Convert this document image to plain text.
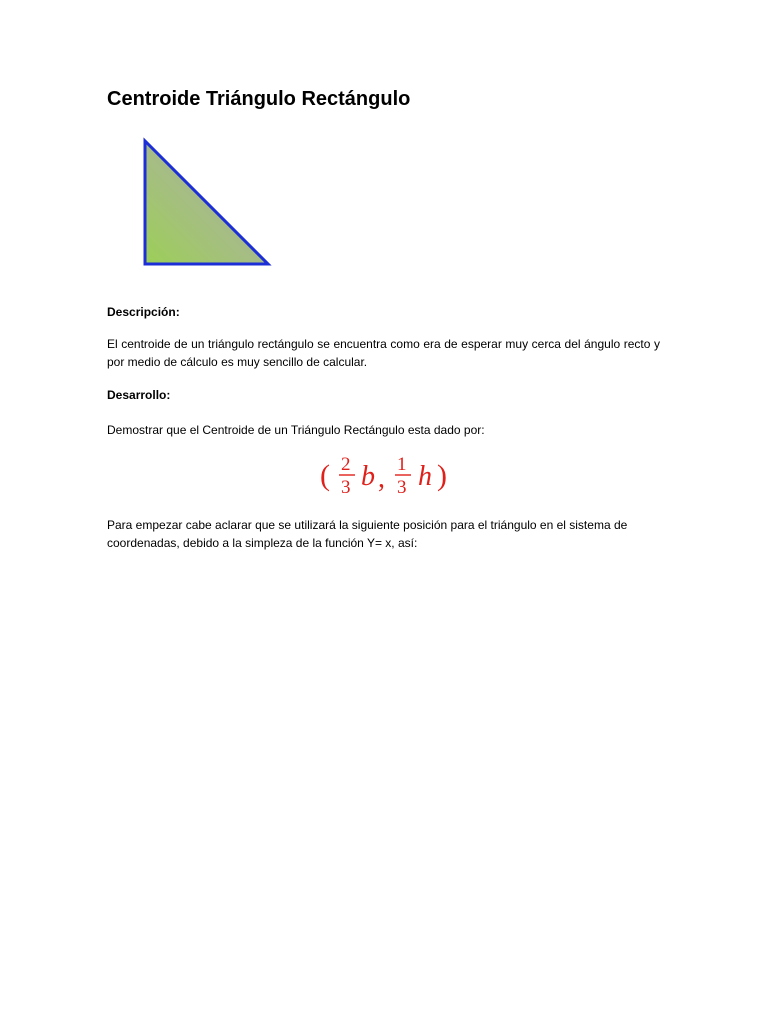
Centroide Triángulo Rectángulo

Descripción:

El centroide de un triángulo rectángulo se encuentra como era de esperar muy cerca del ángulo recto y por medio de cálculo es muy sencillo de calcular.

Desarrollo:

Demostrar que el Centroide de un Triángulo Rectángulo esta dado por:

( 2
3 b , 1
3 h )

Para empezar cabe aclarar que se utilizará la siguiente posición para el triángulo en el sistema de coordenadas, debido a la simpleza de la función Y= x, así:
